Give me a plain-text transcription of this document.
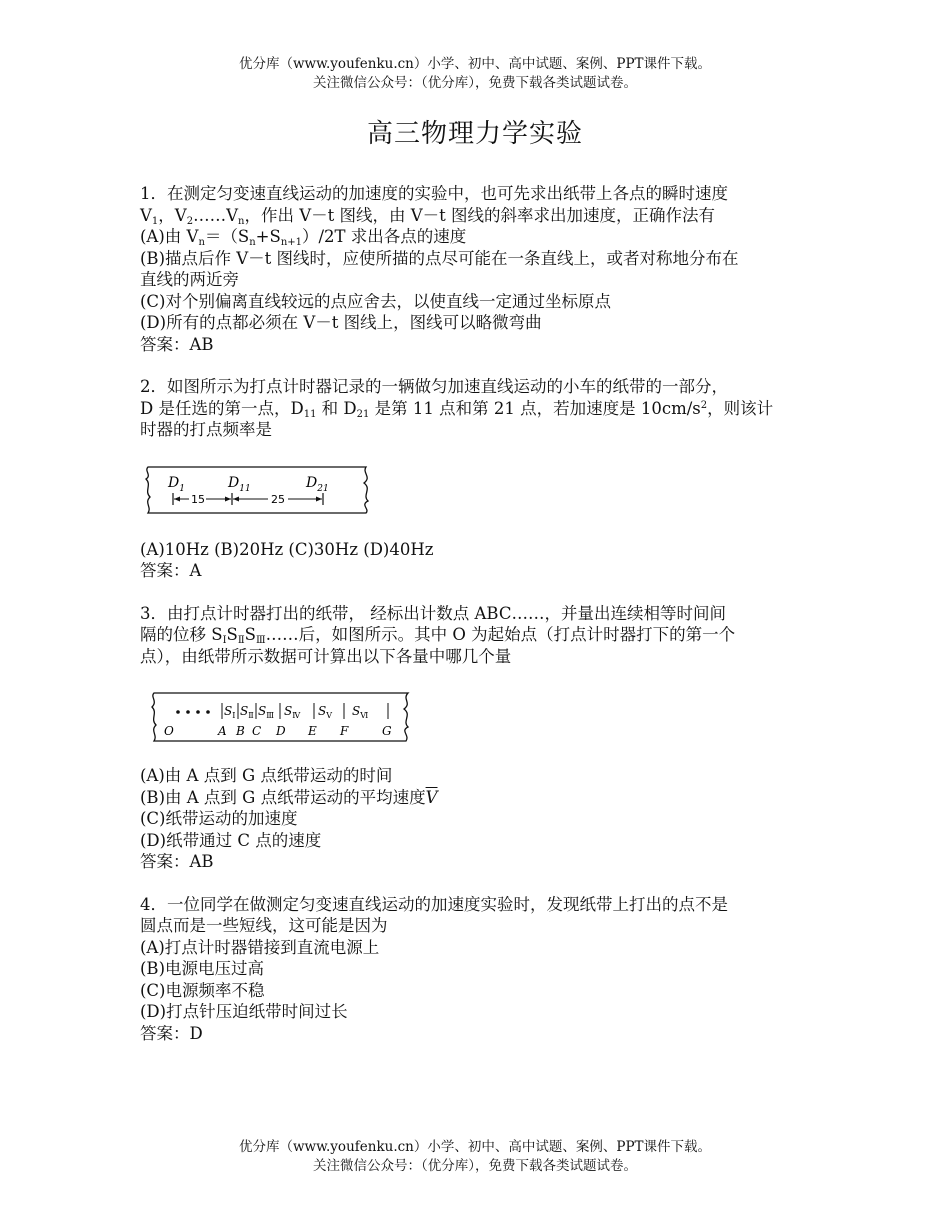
优分库（www.youfenku.cn）小学、初中、高中试题、案例、PPT课件下载。
关注微信公众号：（优分库），免费下载各类试题试卷。
高三物理力学实验

1．在测定匀变速直线运动的加速度的实验中，也可先求出纸带上各点的瞬时速度

$V_1$，$V_2\dots\dots V_n$，作出 V－t 图线，由 V－t 图线的斜率求出加速度，正确作法有

(A)由 $V_n=(S_n+S_{n+1})/2T$ 求出各点的速度

(B)描点后作 V－t 图线时，应使所描的点尽可能在一条直线上，或者对称地分布在

直线的两近旁

(C)对个别偏离直线较远的点应舍去，以使直线一定通过坐标原点

(D)所有的点都必须在 V－t 图线上，图线可以略微弯曲

答案：AB

2．如图所示为打点计时器记录的一辆做匀加速直线运动的小车的纸带的一部分，

D 是任选的第一点，$D_{11}$ 和 $D_{21}$ 是第 11 点和第 21 点，若加速度是 $10cm/s^2$，则该计

时器的打点频率是

$D_1$	$D_{11}$	$D_{21}$
15	25

(A)10Hz (B)20Hz (C)30Hz (D)40Hz

答案：A

3．由打点计时器打出的纸带， 经标出计数点 ABC……，并量出连续相等时间间

隔的位移 $S_ⅠS_ⅡS_Ⅲ\dots\dots$后，如图所示。其中 O 为起始点（打点计时器打下的第一个

点），由纸带所示数据可计算出以下各量中哪几个量

$S_Ⅰ$ $S_Ⅱ$ $S_Ⅲ$ $S_Ⅳ$ $S_Ⅴ$ $S_Ⅵ$
O	A B C D E F	G

(A)由 A 点到 G 点纸带运动的时间

(B)由 A 点到 G 点纸带运动的平均速度$\overline{V}$

(C)纸带运动的加速度

(D)纸带通过 C 点的速度

答案：AB

4．一位同学在做测定匀变速直线运动的加速度实验时，发现纸带上打出的点不是

圆点而是一些短线，这可能是因为

(A)打点计时器错接到直流电源上

(B)电源电压过高

(C)电源频率不稳

(D)打点针压迫纸带时间过长

答案：D

优分库（www.youfenku.cn）小学、初中、高中试题、案例、PPT课件下载。
关注微信公众号：（优分库），免费下载各类试题试卷。
